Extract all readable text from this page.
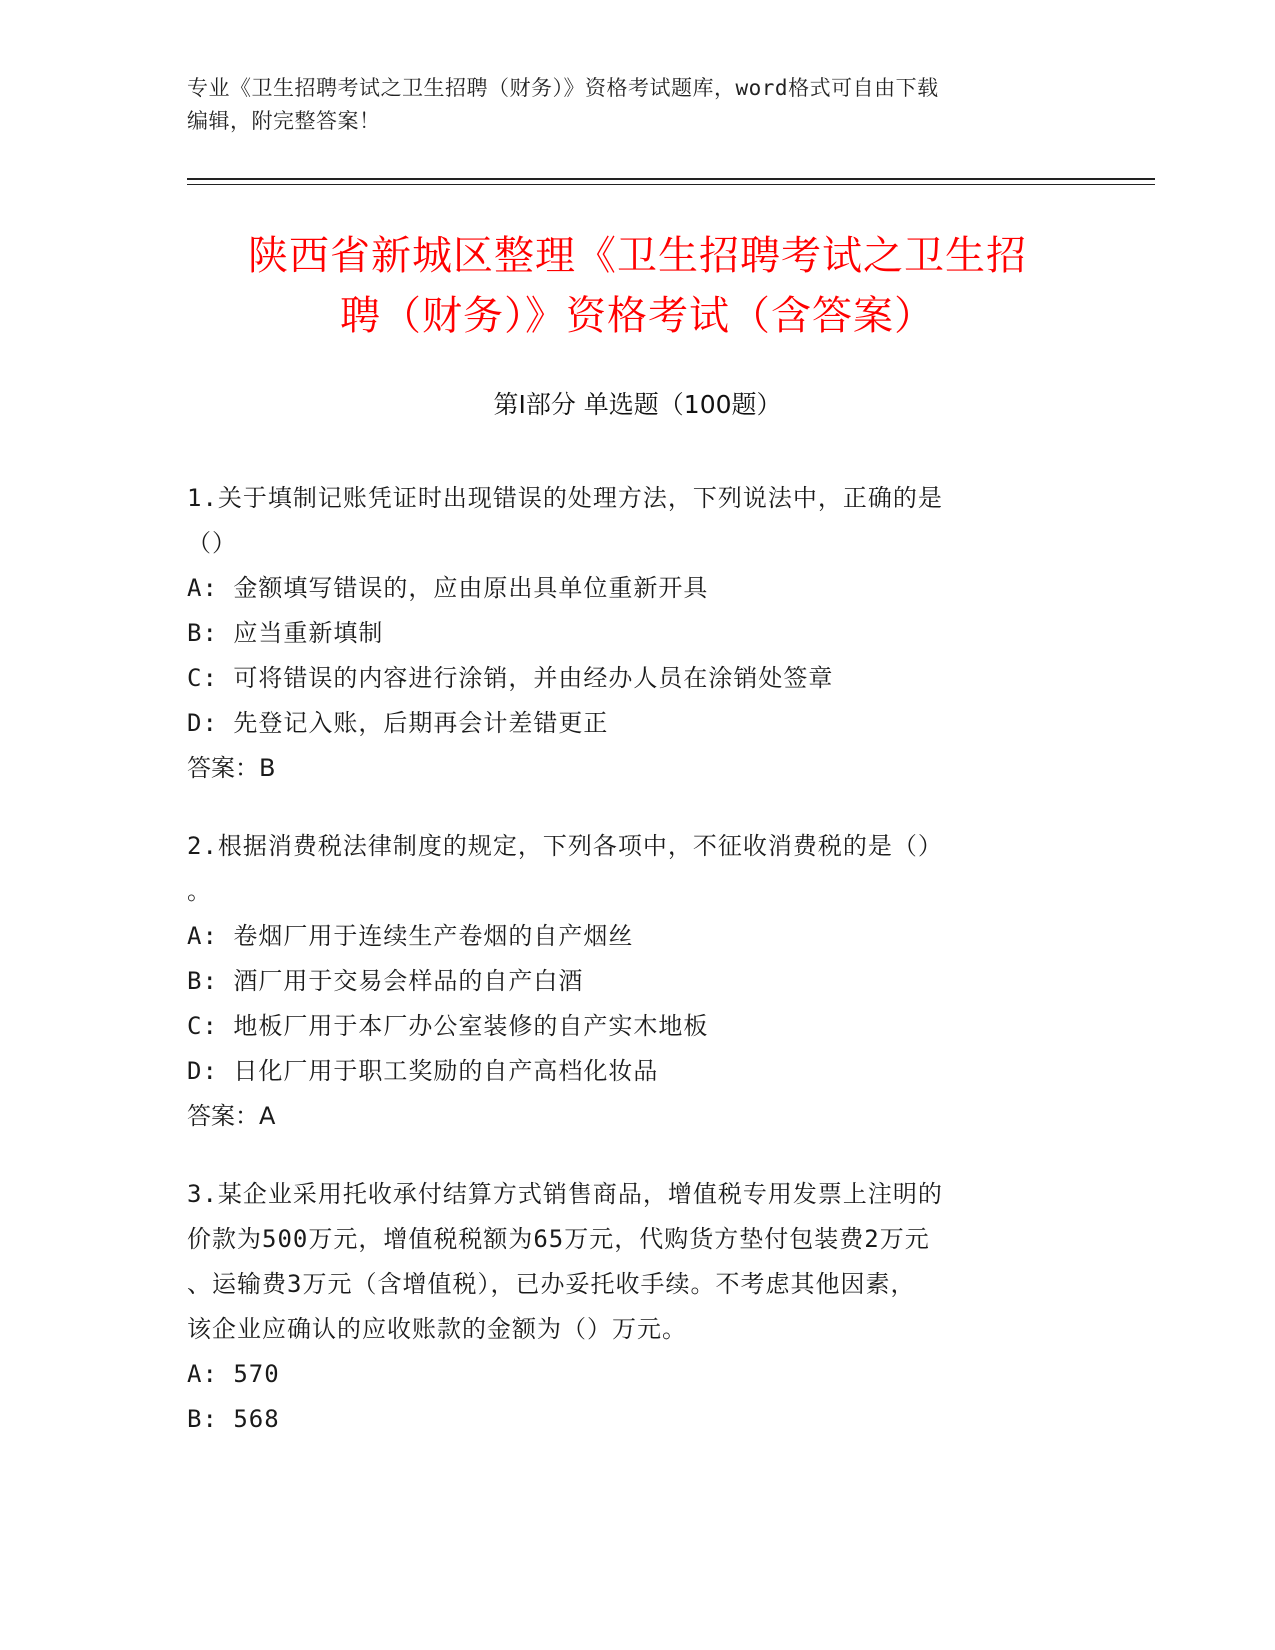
专业《卫生招聘考试之卫生招聘（财务）》资格考试题库，word格式可自由下载

编辑，附完整答案！

陕西省新城区整理《卫生招聘考试之卫生招
聘（财务）》资格考试（含答案）
第Ⅰ部分 单选题（100题）

1.关于填制记账凭证时出现错误的处理方法，下列说法中，正确的是

（）

A: 金额填写错误的，应由原出具单位重新开具

B: 应当重新填制

C: 可将错误的内容进行涂销，并由经办人员在涂销处签章

D: 先登记入账，后期再会计差错更正

答案：B

2.根据消费税法律制度的规定，下列各项中，不征收消费税的是（）

。

A: 卷烟厂用于连续生产卷烟的自产烟丝

B: 酒厂用于交易会样品的自产白酒

C: 地板厂用于本厂办公室装修的自产实木地板

D: 日化厂用于职工奖励的自产高档化妆品

答案：A

3.某企业采用托收承付结算方式销售商品，增值税专用发票上注明的

价款为500万元，增值税税额为65万元，代购货方垫付包装费2万元

、运输费3万元（含增值税），已办妥托收手续。不考虑其他因素，

该企业应确认的应收账款的金额为（）万元。

A: 570

B: 568
